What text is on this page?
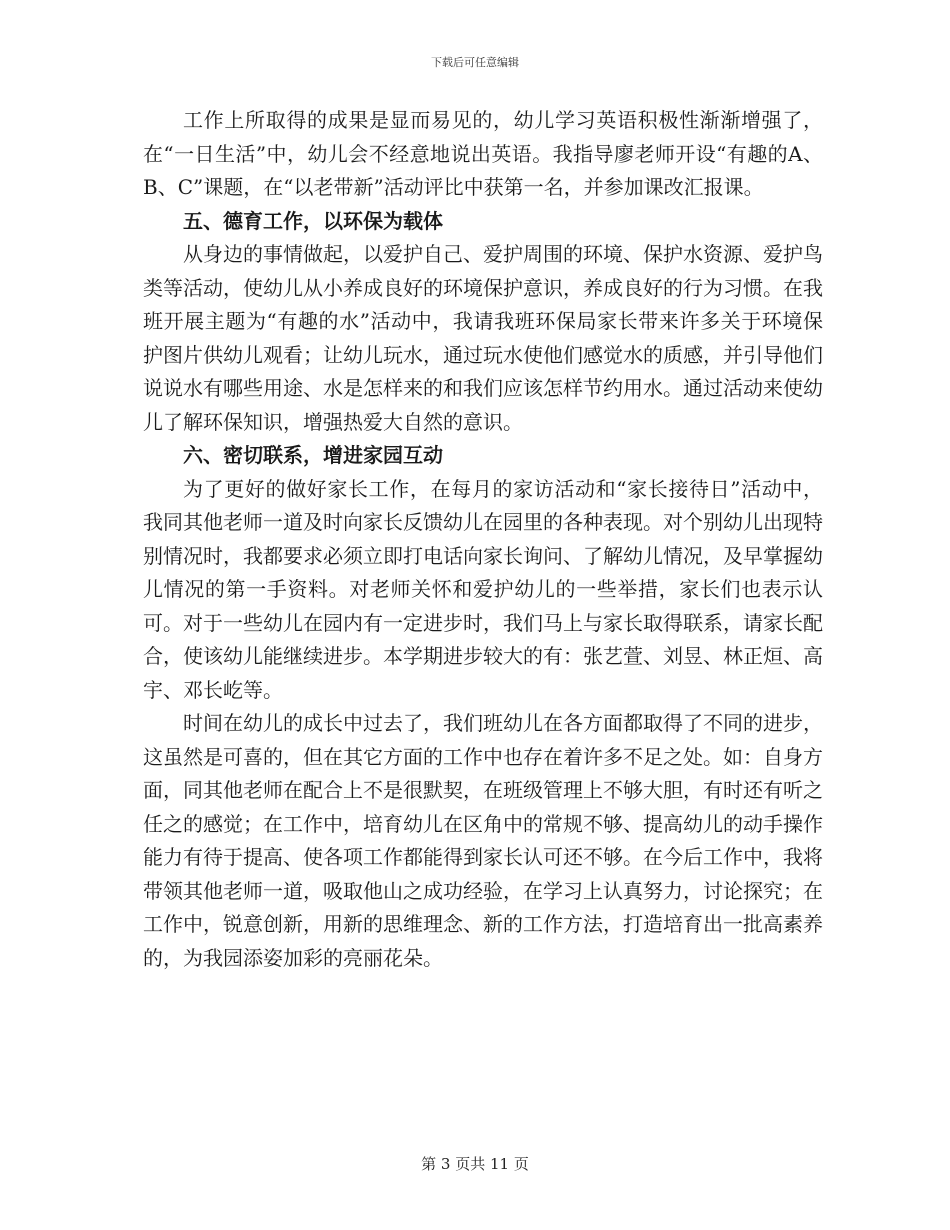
下载后可任意编辑

工作上所取得的成果是显而易见的，幼儿学习英语积极性渐渐增强了，在“一日生活”中，幼儿会不经意地说出英语。我指导廖老师开设“有趣的A、B、C”课题，在“以老带新”活动评比中获第一名，并参加课改汇报课。

五、德育工作，以环保为载体

从身边的事情做起，以爱护自己、爱护周围的环境、保护水资源、爱护鸟类等活动，使幼儿从小养成良好的环境保护意识，养成良好的行为习惯。在我班开展主题为“有趣的水”活动中，我请我班环保局家长带来许多关于环境保护图片供幼儿观看；让幼儿玩水，通过玩水使他们感觉水的质感，并引导他们说说水有哪些用途、水是怎样来的和我们应该怎样节约用水。通过活动来使幼儿了解环保知识，增强热爱大自然的意识。

六、密切联系，增进家园互动

为了更好的做好家长工作，在每月的家访活动和“家长接待日”活动中，我同其他老师一道及时向家长反馈幼儿在园里的各种表现。对个别幼儿出现特别情况时，我都要求必须立即打电话向家长询问、了解幼儿情况，及早掌握幼儿情况的第一手资料。对老师关怀和爱护幼儿的一些举措，家长们也表示认可。对于一些幼儿在园内有一定进步时，我们马上与家长取得联系，请家长配合，使该幼儿能继续进步。本学期进步较大的有：张艺萱、刘昱、林正烜、高宇、邓长屹等。

时间在幼儿的成长中过去了，我们班幼儿在各方面都取得了不同的进步，这虽然是可喜的，但在其它方面的工作中也存在着许多不足之处。如：自身方面，同其他老师在配合上不是很默契，在班级管理上不够大胆，有时还有听之任之的感觉；在工作中，培育幼儿在区角中的常规不够、提高幼儿的动手操作能力有待于提高、使各项工作都能得到家长认可还不够。在今后工作中，我将带领其他老师一道，吸取他山之成功经验，在学习上认真努力，讨论探究；在工作中，锐意创新，用新的思维理念、新的工作方法，打造培育出一批高素养的，为我园添姿加彩的亮丽花朵。

第 3 页共 11 页
